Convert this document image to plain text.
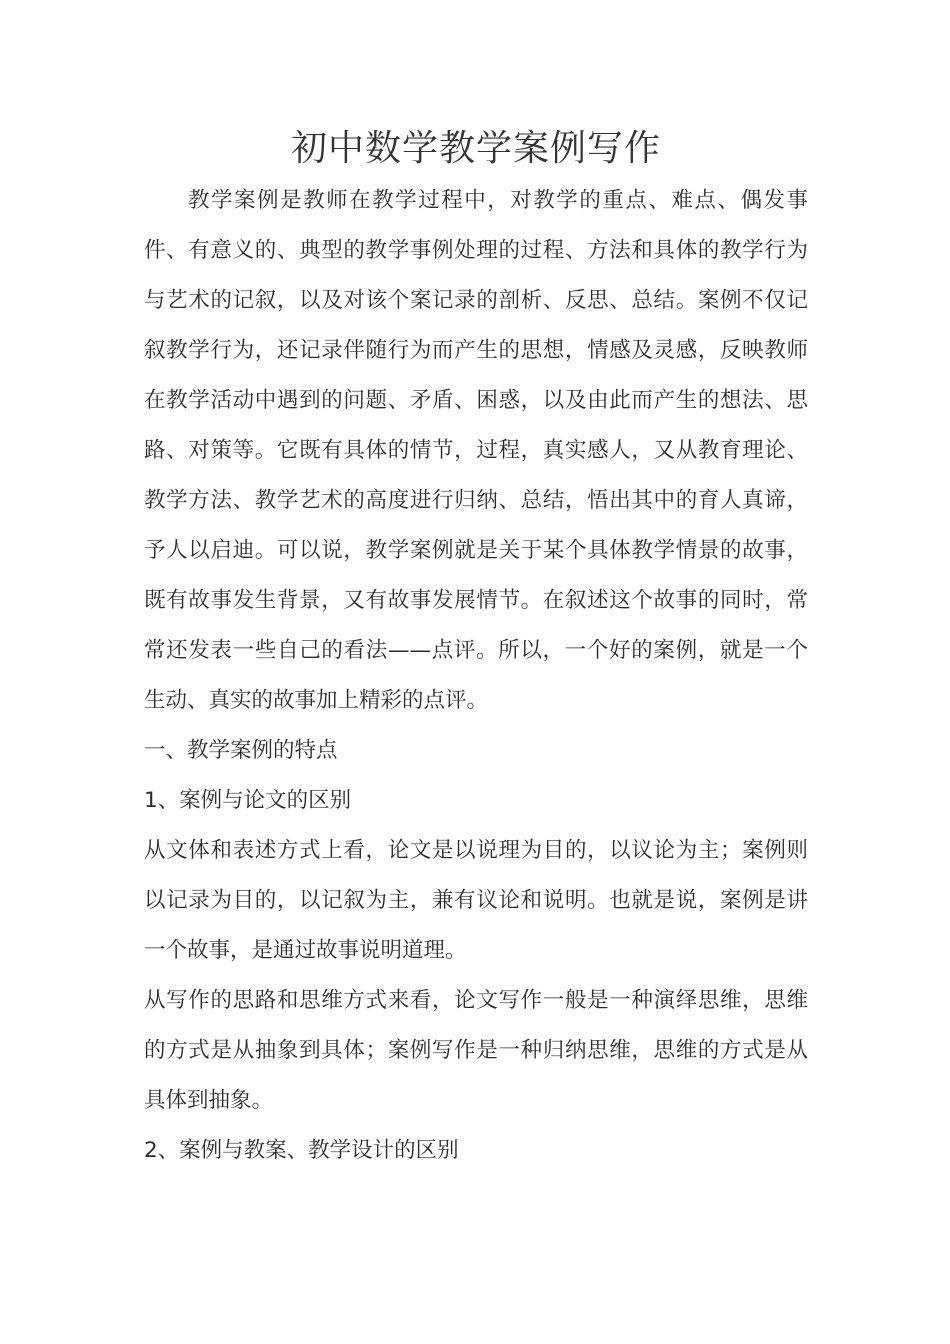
初中数学教学案例写作

教学案例是教师在教学过程中，对教学的重点、难点、偶发事件、有意义的、典型的教学事例处理的过程、方法和具体的教学行为与艺术的记叙，以及对该个案记录的剖析、反思、总结。案例不仅记叙教学行为，还记录伴随行为而产生的思想，情感及灵感，反映教师在教学活动中遇到的问题、矛盾、困惑，以及由此而产生的想法、思路、对策等。它既有具体的情节，过程，真实感人，又从教育理论、教学方法、教学艺术的高度进行归纳、总结，悟出其中的育人真谛，予人以启迪。可以说，教学案例就是关于某个具体教学情景的故事，既有故事发生背景，又有故事发展情节。在叙述这个故事的同时，常常还发表一些自己的看法——点评。所以，一个好的案例，就是一个生动、真实的故事加上精彩的点评。

一、教学案例的特点

1、案例与论文的区别

从文体和表述方式上看，论文是以说理为目的，以议论为主；案例则以记录为目的，以记叙为主，兼有议论和说明。也就是说，案例是讲一个故事，是通过故事说明道理。

从写作的思路和思维方式来看，论文写作一般是一种演绎思维，思维的方式是从抽象到具体；案例写作是一种归纳思维，思维的方式是从具体到抽象。

2、案例与教案、教学设计的区别
